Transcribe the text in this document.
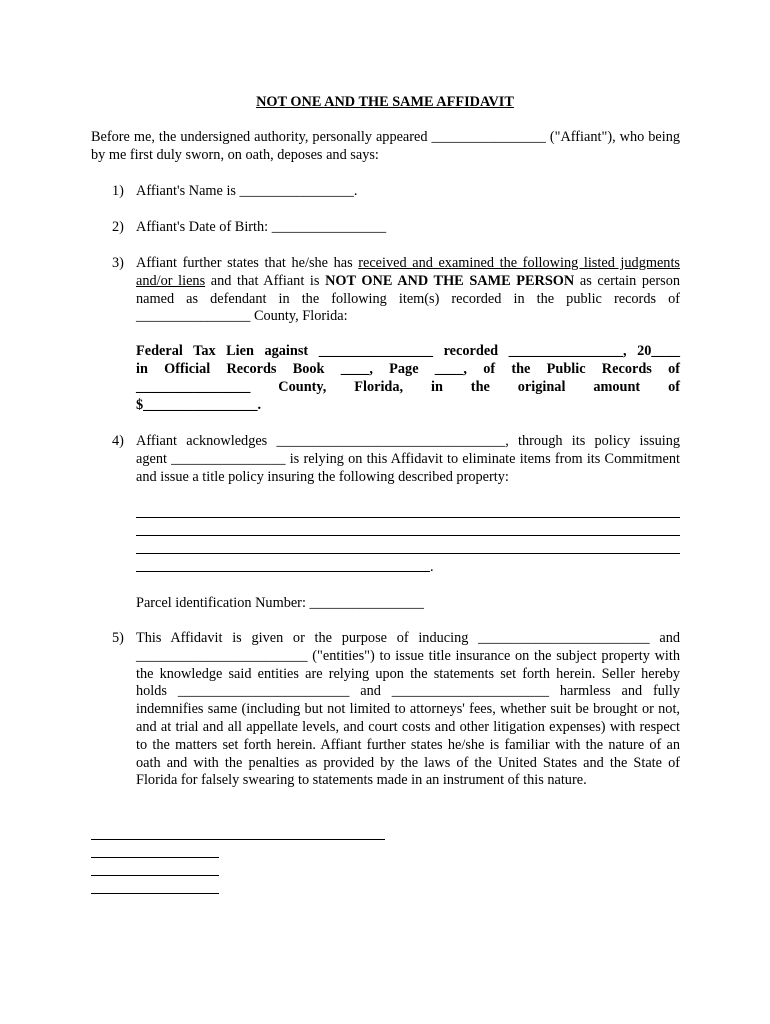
NOT ONE AND THE SAME AFFIDAVIT
Before me, the undersigned authority, personally appeared ________________ ("Affiant"), who being by me first duly sworn, on oath, deposes and says:
1) Affiant's Name is ________________.
2) Affiant's Date of Birth: ________________
3) Affiant further states that he/she has received and examined the following listed judgments and/or liens and that Affiant is NOT ONE AND THE SAME PERSON as certain person named as defendant in the following item(s) recorded in the public records of ________________ County, Florida:
Federal Tax Lien against ________________ recorded ________________, 20____
in Official Records Book ____, Page ____, of the Public Records of
________________ County, Florida, in the original amount of
$________________.
4) Affiant acknowledges ________________________________, through its policy issuing agent ________________ is relying on this Affidavit to eliminate items from its Commitment and issue a title policy insuring the following described property:
.
Parcel identification Number: ________________
5) This Affidavit is given or the purpose of inducing ________________________ and ________________________ ("entities") to issue title insurance on the subject property with the knowledge said entities are relying upon the statements set forth herein. Seller hereby holds ________________________ and ______________________ harmless and fully indemnifies same (including but not limited to attorneys' fees, whether suit be brought or not, and at trial and all appellate levels, and court costs and other litigation expenses) with respect to the matters set forth herein. Affiant further states he/she is familiar with the nature of an oath and with the penalties as provided by the laws of the United States and the State of Florida for falsely swearing to statements made in an instrument of this nature.
